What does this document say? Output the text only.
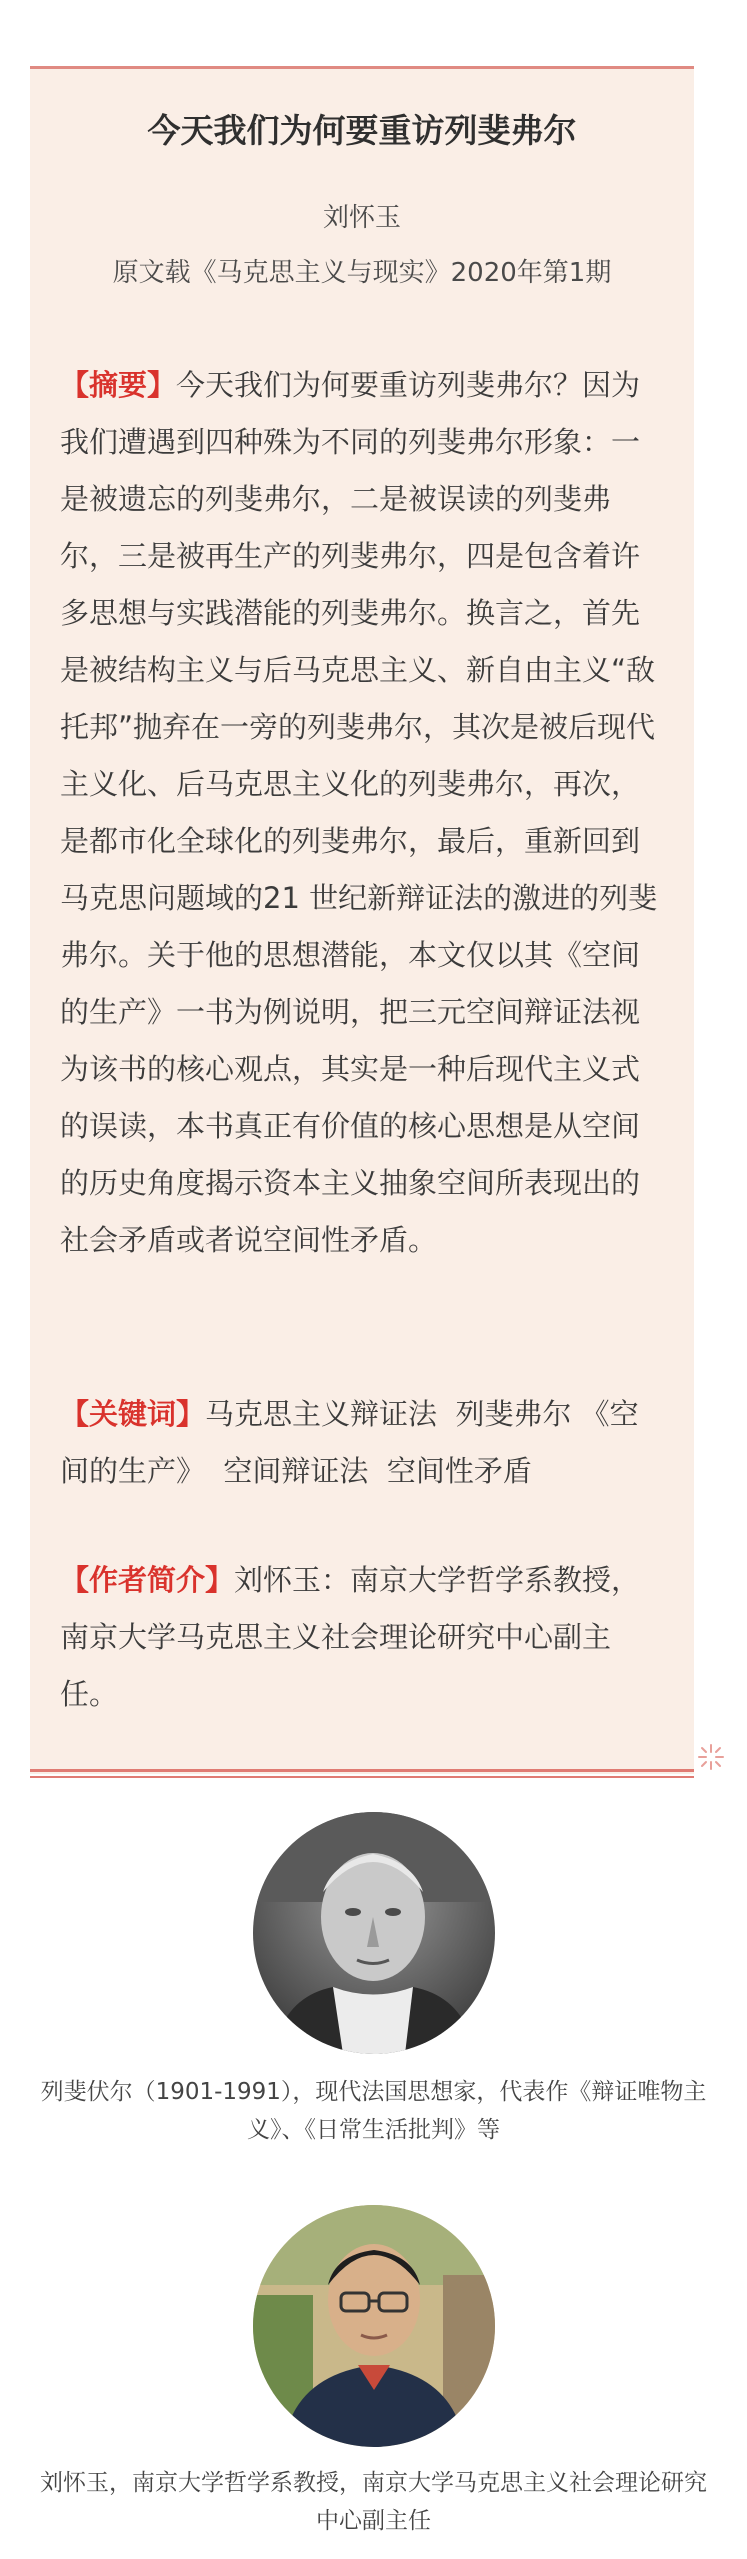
今天我们为何要重访列斐弗尔
刘怀玉
原文载《马克思主义与现实》2020年第1期
【摘要】今天我们为何要重访列斐弗尔？因为我们遭遇到四种殊为不同的列斐弗尔形象：一是被遗忘的列斐弗尔，二是被误读的列斐弗尔，三是被再生产的列斐弗尔，四是包含着许多思想与实践潜能的列斐弗尔。换言之，首先是被结构主义与后马克思主义、新自由主义“敌托邦”抛弃在一旁的列斐弗尔，其次是被后现代主义化、后马克思主义化的列斐弗尔，再次，是都市化全球化的列斐弗尔，最后，重新回到马克思问题域的21 世纪新辩证法的激进的列斐弗尔。关于他的思想潜能，本文仅以其《空间的生产》一书为例说明，把三元空间辩证法视为该书的核心观点，其实是一种后现代主义式的误读，本书真正有价值的核心思想是从空间的历史角度揭示资本主义抽象空间所表现出的社会矛盾或者说空间性矛盾。
【关键词】马克思主义辩证法  列斐弗尔 《空间的生产》  空间辩证法  空间性矛盾
【作者简介】刘怀玉：南京大学哲学系教授，南京大学马克思主义社会理论研究中心副主任。
列斐伏尔（1901-1991），现代法国思想家，代表作《辩证唯物主义》、《日常生活批判》等
刘怀玉，南京大学哲学系教授，南京大学马克思主义社会理论研究中心副主任
